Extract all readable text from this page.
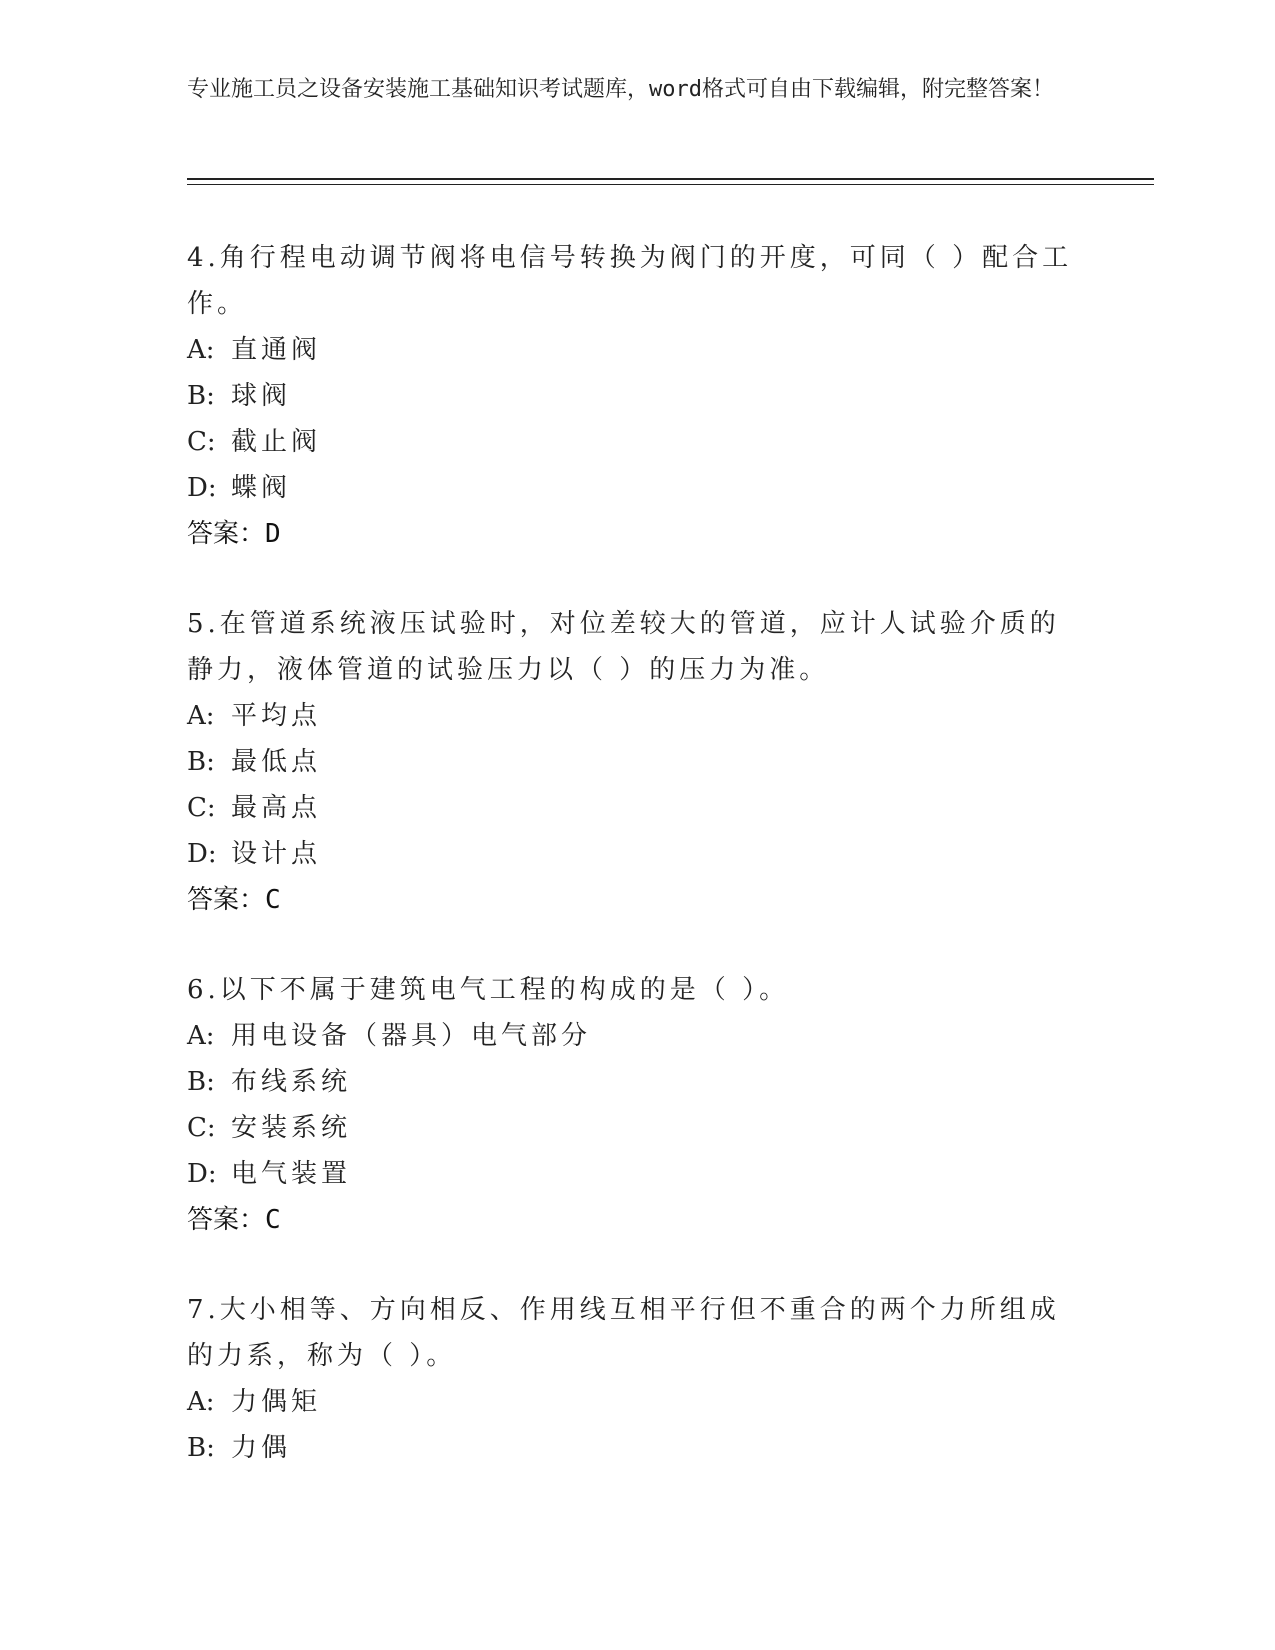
专业施工员之设备安装施工基础知识考试题库，word格式可自由下载编辑，附完整答案！
4.角行程电动调节阀将电信号转换为阀门的开度，可同（ ）配合工作。
A: 直通阀
B: 球阀
C: 截止阀
D: 蝶阀
答案：D
5.在管道系统液压试验时，对位差较大的管道，应计人试验介质的静力，液体管道的试验压力以（ ）的压力为准。
A: 平均点
B: 最低点
C: 最高点
D: 设计点
答案：C
6.以下不属于建筑电气工程的构成的是（ ）。
A: 用电设备（器具）电气部分
B: 布线系统
C: 安装系统
D: 电气装置
答案：C
7.大小相等、方向相反、作用线互相平行但不重合的两个力所组成的力系，称为（ ）。
A: 力偶矩
B: 力偶
